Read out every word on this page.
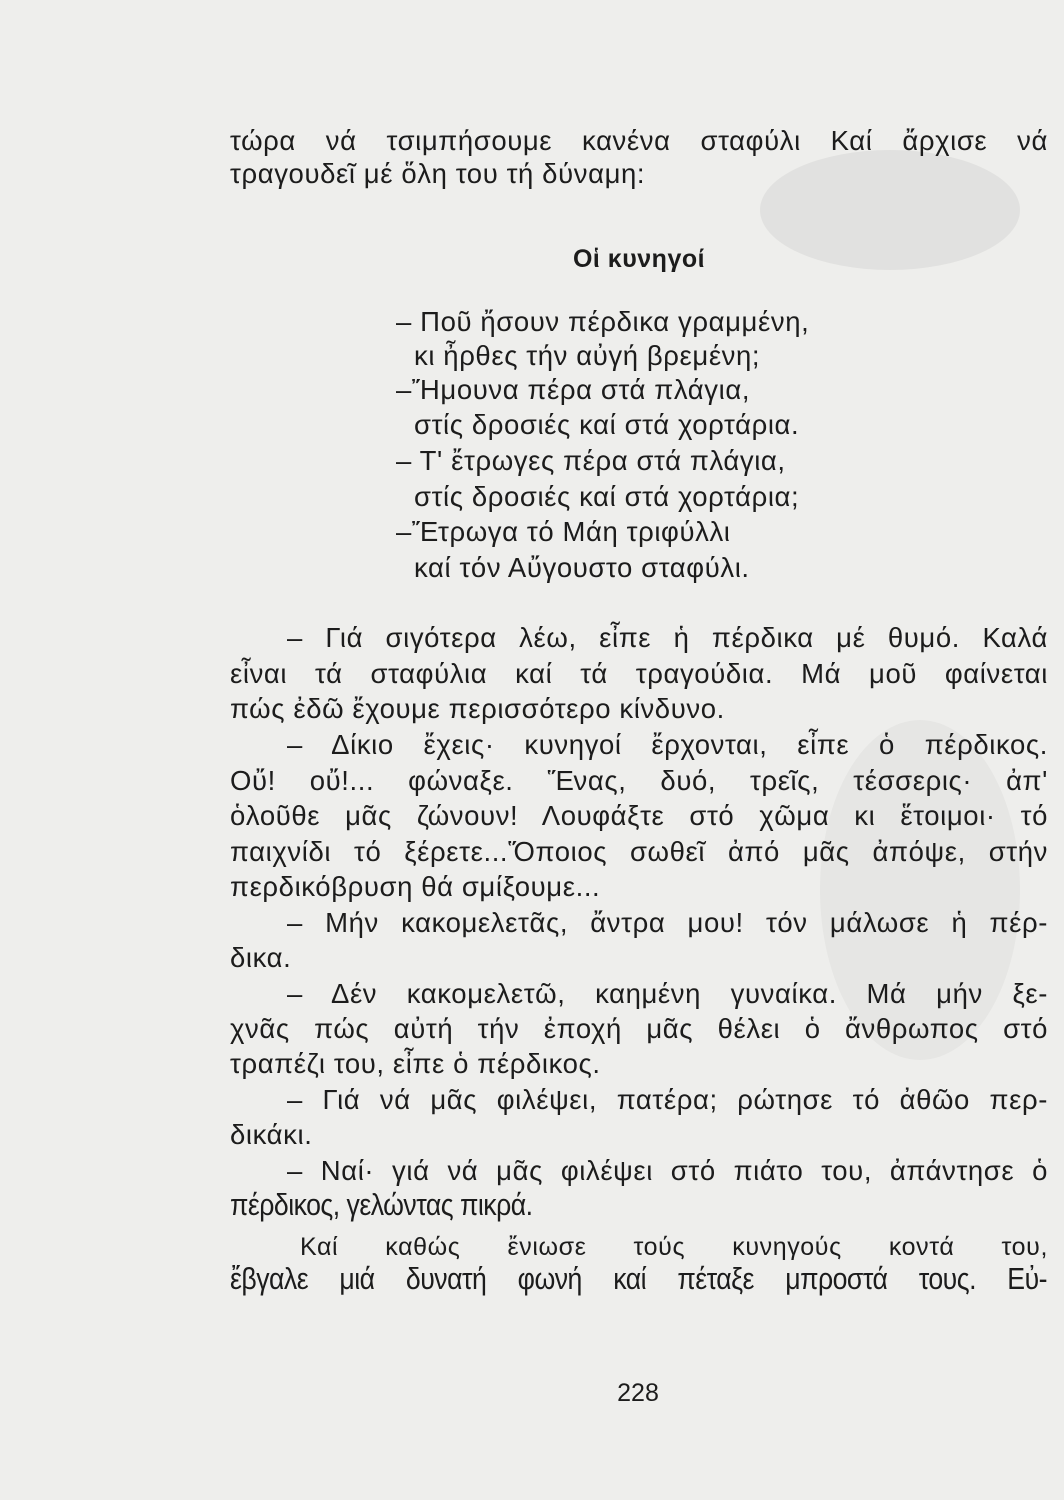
τώρα νά τσιμπήσουμε κανένα σταφύλι Καί ἄρχισε νά
τραγουδεῖ μέ ὅλη του τή δύναμη:
Οἱ κυνηγοί
– Ποῦ ἤσουν πέρδικα γραμμένη,
κι ἦρθες τήν αὐγή βρεμένη;
–Ἤμουνα πέρα στά πλάγια,
στίς δροσιές καί στά χορτάρια.
– Τ' ἔτρωγες πέρα στά πλάγια,
στίς δροσιές καί στά χορτάρια;
–Ἔτρωγα τό Μάη τριφύλλι
καί τόν Αὔγουστο σταφύλι.
– Γιά σιγότερα λέω, εἶπε ἡ πέρδικα μέ θυμό. Καλά
εἶναι τά σταφύλια καί τά τραγούδια. Μά μοῦ φαίνεται
πώς ἐδῶ ἔχουμε περισσότερο κίνδυνο.
– Δίκιο ἔχεις· κυνηγοί ἔρχονται, εἶπε ὁ πέρδικος.
Οὔ! οὔ!... φώναξε. Ἕνας, δυό, τρεῖς, τέσσερις· ἀπ'
ὁλοῦθε μᾶς ζώνουν! Λουφάξτε στό χῶμα κι ἕτοιμοι· τό
παιχνίδι τό ξέρετε...Ὅποιος σωθεῖ ἀπό μᾶς ἀπόψε, στήν
περδικόβρυση θά σμίξουμε...
– Μήν κακομελετᾶς, ἄντρα μου! τόν μάλωσε ἡ πέρ-
δικα.
– Δέν κακομελετῶ, καημένη γυναίκα. Μά μήν ξε-
χνᾶς πώς αὐτή τήν ἐποχή μᾶς θέλει ὁ ἄνθρωπος στό
τραπέζι του, εἶπε ὁ πέρδικος.
– Γιά νά μᾶς φιλέψει, πατέρα; ρώτησε τό ἀθῶο περ-
δικάκι.
– Ναί· γιά νά μᾶς φιλέψει στό πιάτο του, ἀπάντησε ὁ
πέρδικος, γελώντας πικρά.
Καί καθώς ἔνιωσε τούς κυνηγούς κοντά του,
ἔβγαλε μιά δυνατή φωνή καί πέταξε μπροστά τους. Εὐ-
228
